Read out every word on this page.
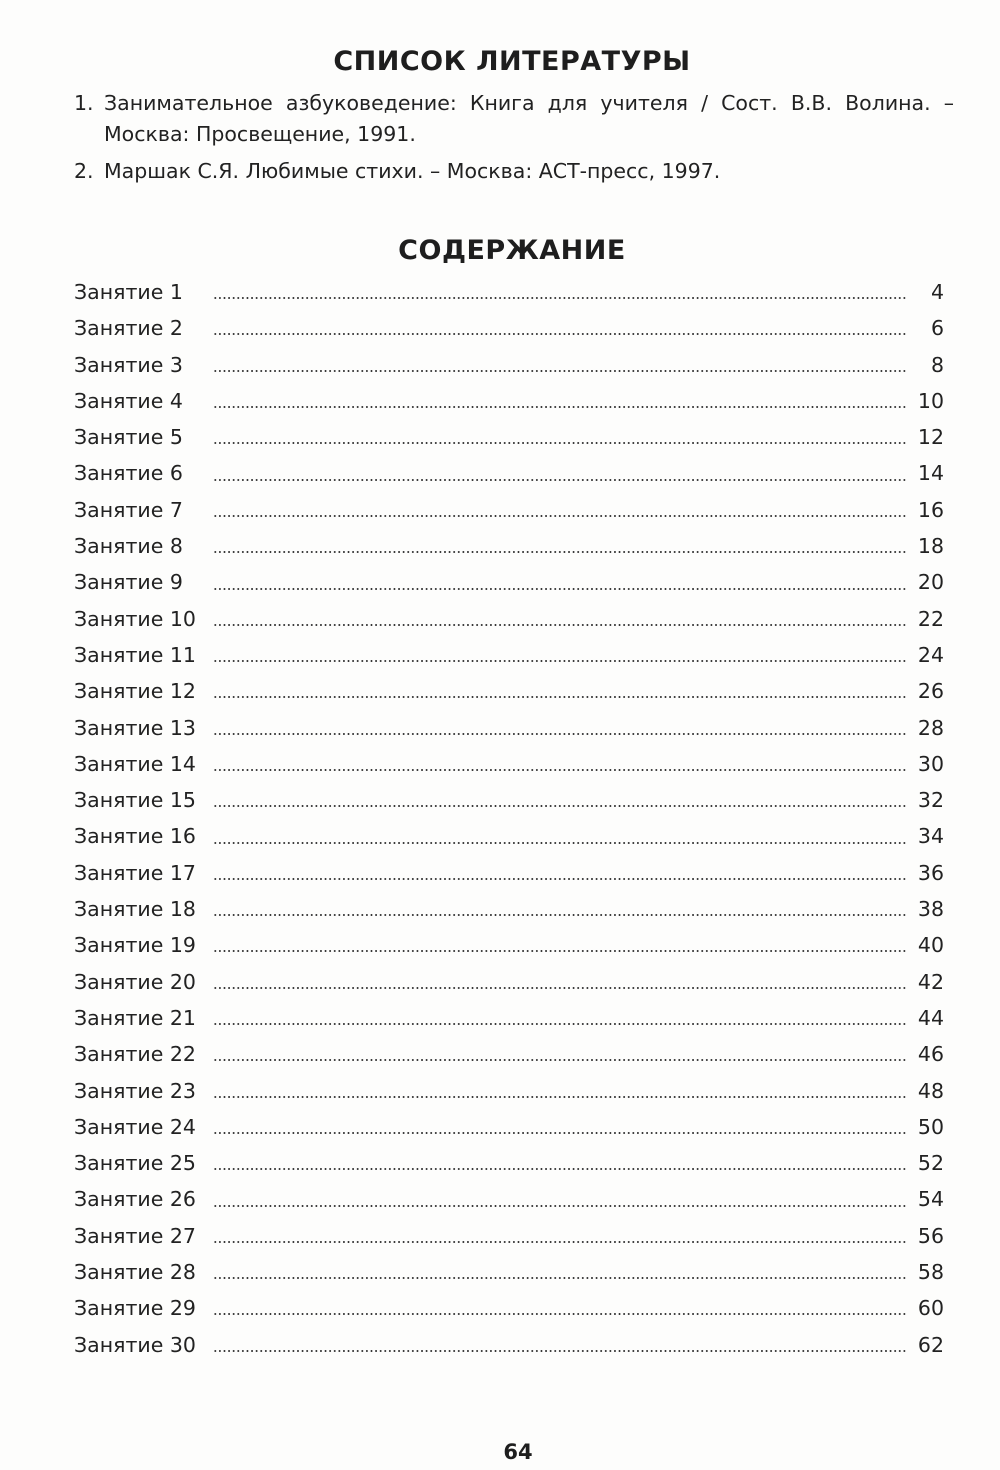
СПИСОК ЛИТЕРАТУРЫ
1. Занимательное азбуковедение: Книга для учителя / Сост. В.В. Волина. – Москва: Просвещение, 1991.
2. Маршак С.Я. Любимые стихи. – Москва: АСТ-пресс, 1997.
СОДЕРЖАНИЕ
Занятие 1	4
Занятие 2	6
Занятие 3	8
Занятие 4	10
Занятие 5	12
Занятие 6	14
Занятие 7	16
Занятие 8	18
Занятие 9	20
Занятие 10	22
Занятие 11	24
Занятие 12	26
Занятие 13	28
Занятие 14	30
Занятие 15	32
Занятие 16	34
Занятие 17	36
Занятие 18	38
Занятие 19	40
Занятие 20	42
Занятие 21	44
Занятие 22	46
Занятие 23	48
Занятие 24	50
Занятие 25	52
Занятие 26	54
Занятие 27	56
Занятие 28	58
Занятие 29	60
Занятие 30	62
64
